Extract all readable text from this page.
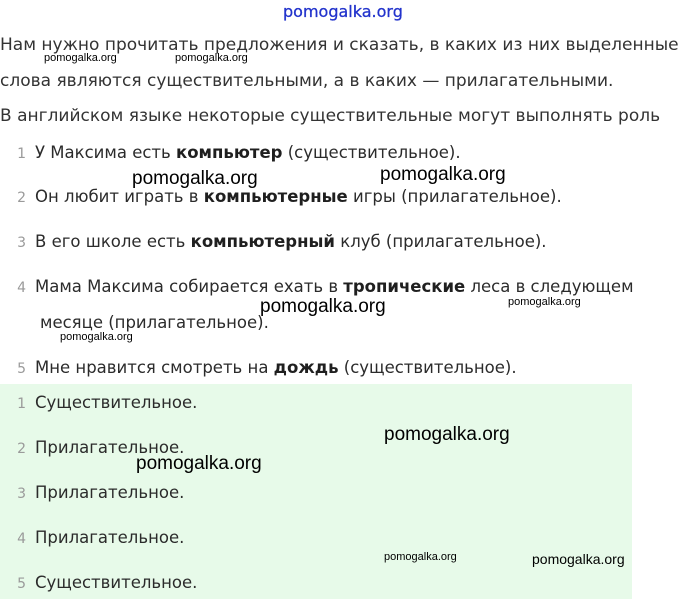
pomogalka.org
Нам нужно прочитать предложения и сказать, в каких из них выделенные
слова являются существительными, а в каких — прилагательными.
В английском языке некоторые существительные могут выполнять роль
1 У Максима есть компьютер (существительное).
2 Он любит играть в компьютерные игры (прилагательное).
3 В его школе есть компьютерный клуб (прилагательное).
4 Мама Максима собирается ехать в тропические леса в следующем
месяце (прилагательное).
5 Мне нравится смотреть на дождь (существительное).
1 Существительное.
2 Прилагательное.
3 Прилагательное.
4 Прилагательное.
5 Существительное.
pomogalka.org	pomogalka.org
pomogalka.org	pomogalka.org
pomogalka.org	pomogalka.org
pomogalka.org
pomogalka.org
pomogalka.org
pomogalka.org	pomogalka.org
